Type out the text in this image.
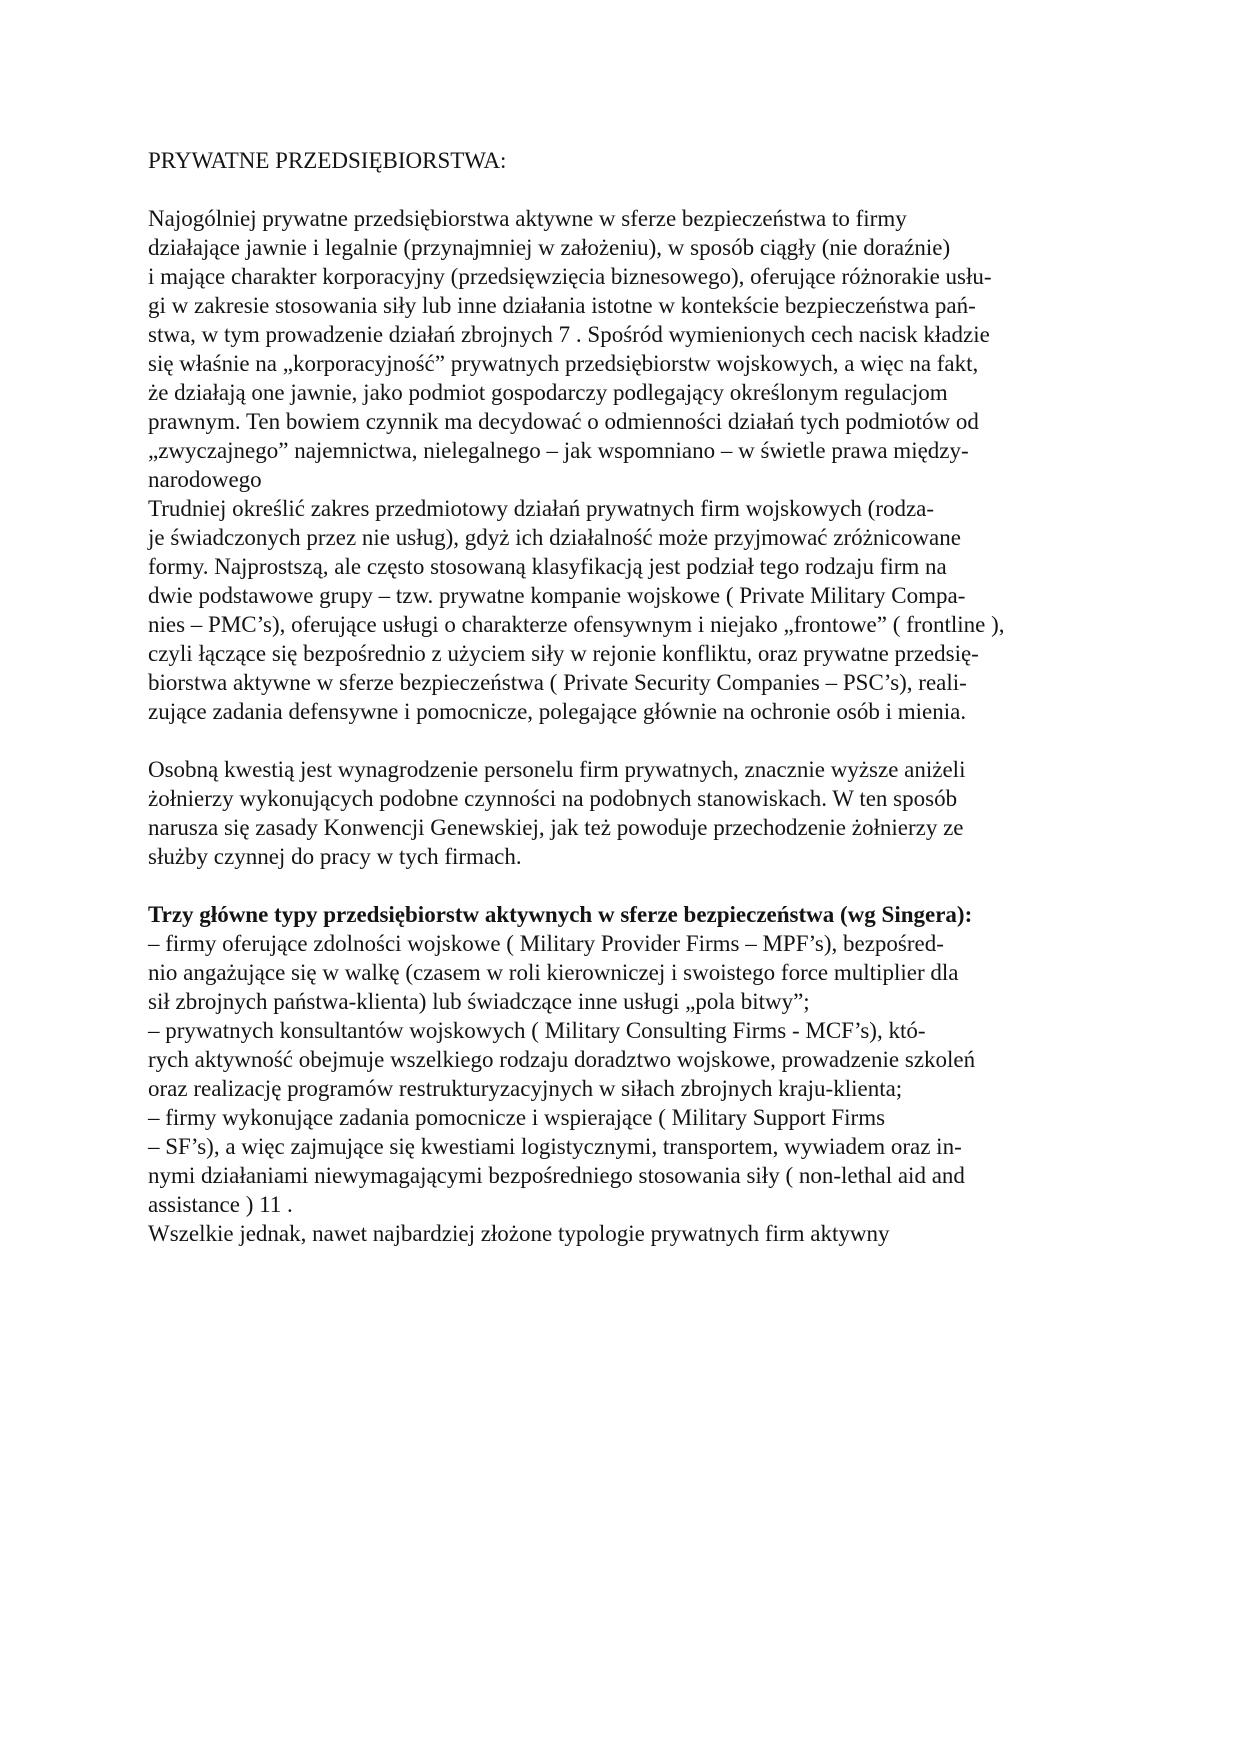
PRYWATNE PRZEDSIĘBIORSTWA:
Najogólniej prywatne przedsiębiorstwa aktywne w sferze bezpieczeństwa to firmy
działające jawnie i legalnie (przynajmniej w założeniu), w sposób ciągły (nie doraźnie)
i mające charakter korporacyjny (przedsięwzięcia biznesowego), oferujące różnorakie usłu-
gi w zakresie stosowania siły lub inne działania istotne w kontekście bezpieczeństwa pań-
stwa, w tym prowadzenie działań zbrojnych 7 . Spośród wymienionych cech nacisk kładzie
się właśnie na „korporacyjność” prywatnych przedsiębiorstw wojskowych, a więc na fakt,
że działają one jawnie, jako podmiot gospodarczy podlegający określonym regulacjom
prawnym. Ten bowiem czynnik ma decydować o odmienności działań tych podmiotów od
„zwyczajnego” najemnictwa, nielegalnego – jak wspomniano – w świetle prawa między-
narodowego
Trudniej określić zakres przedmiotowy działań prywatnych firm wojskowych (rodza-
je świadczonych przez nie usług), gdyż ich działalność może przyjmować zróżnicowane
formy. Najprostszą, ale często stosowaną klasyfikacją jest podział tego rodzaju firm na
dwie podstawowe grupy – tzw. prywatne kompanie wojskowe ( Private Military Compa-
nies – PMC’s), oferujące usługi o charakterze ofensywnym i niejako „frontowe” ( frontline ),
czyli łączące się bezpośrednio z użyciem siły w rejonie konfliktu, oraz prywatne przedsię-
biorstwa aktywne w sferze bezpieczeństwa ( Private Security Companies – PSC’s), reali-
zujące zadania defensywne i pomocnicze, polegające głównie na ochronie osób i mienia.
Osobną kwestią jest wynagrodzenie personelu firm prywatnych, znacznie wyższe aniżeli
żołnierzy wykonujących podobne czynności na podobnych stanowiskach. W ten sposób
narusza się zasady Konwencji Genewskiej, jak też powoduje przechodzenie żołnierzy ze
służby czynnej do pracy w tych firmach.
Trzy główne typy przedsiębiorstw aktywnych w sferze bezpieczeństwa (wg Singera):
– firmy oferujące zdolności wojskowe ( Military Provider Firms – MPF’s), bezpośred-
nio angażujące się w walkę (czasem w roli kierowniczej i swoistego force multiplier dla
sił zbrojnych państwa-klienta) lub świadczące inne usługi „pola bitwy”;
– prywatnych konsultantów wojskowych ( Military Consulting Firms - MCF’s), któ-
rych aktywność obejmuje wszelkiego rodzaju doradztwo wojskowe, prowadzenie szkoleń
oraz realizację programów restrukturyzacyjnych w siłach zbrojnych kraju-klienta;
– firmy wykonujące zadania pomocnicze i wspierające ( Military Support Firms
– SF’s), a więc zajmujące się kwestiami logistycznymi, transportem, wywiadem oraz in-
nymi działaniami niewymagającymi bezpośredniego stosowania siły ( non-lethal aid and
assistance ) 11 .
Wszelkie jednak, nawet najbardziej złożone typologie prywatnych firm aktywny
